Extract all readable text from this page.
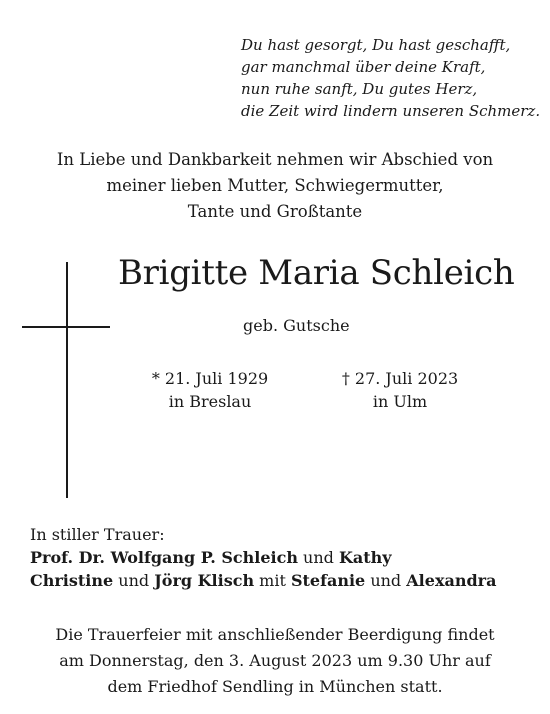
Du hast gesorgt, Du hast geschafft,
gar manchmal über deine Kraft,
nun ruhe sanft, Du gutes Herz,
die Zeit wird lindern unseren Schmerz.
In Liebe und Dankbarkeit nehmen wir Abschied von
meiner lieben Mutter, Schwiegermutter,
Tante und Großtante
Brigitte Maria Schleich
geb. Gutsche
* 21. Juli 1929
in Breslau
† 27. Juli 2023
in Ulm
In stiller Trauer:
Prof. Dr. Wolfgang P. Schleich und Kathy
Christine und Jörg Klisch mit Stefanie und Alexandra
Die Trauerfeier mit anschließender Beerdigung findet
am Donnerstag, den 3. August 2023 um 9.30 Uhr auf
dem Friedhof Sendling in München statt.
